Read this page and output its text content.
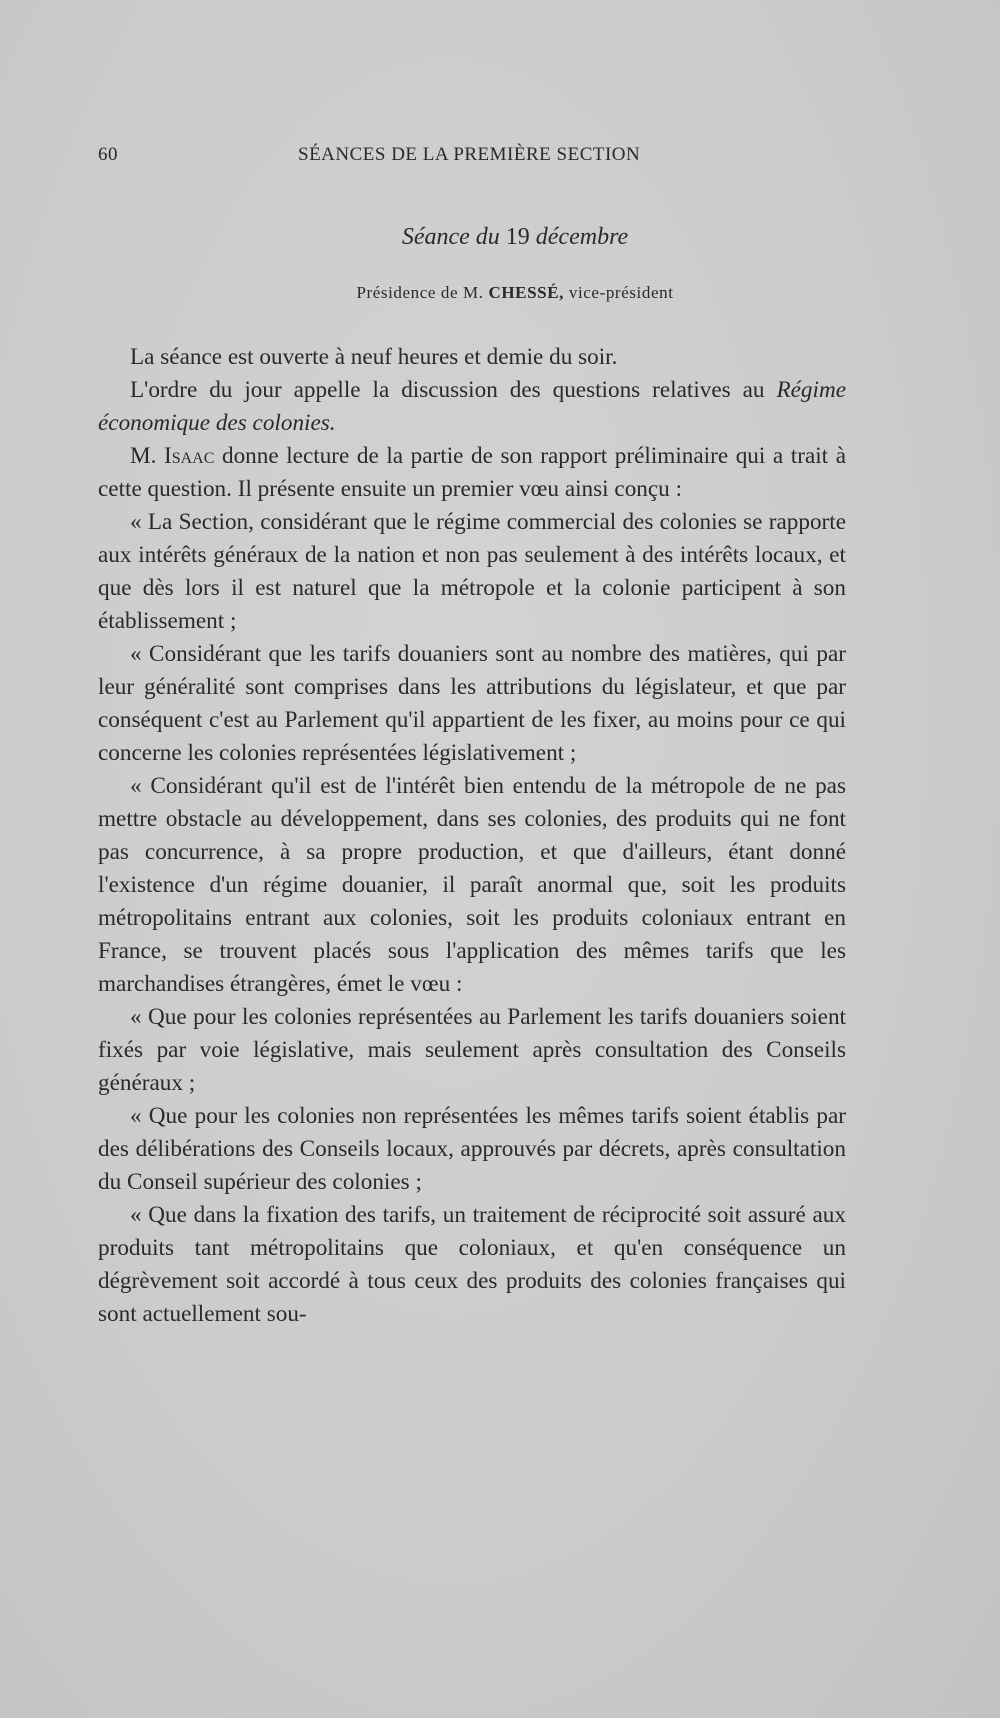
60	SÉANCES DE LA PREMIÈRE SECTION
Séance du 19 décembre
Présidence de M. CHESSÉ, vice-président

La séance est ouverte à neuf heures et demie du soir.

L'ordre du jour appelle la discussion des questions relatives au Régime économique des colonies.

M. Isaac donne lecture de la partie de son rapport préliminaire qui a trait à cette question. Il présente ensuite un premier vœu ainsi conçu :

« La Section, considérant que le régime commercial des colonies se rapporte aux intérêts généraux de la nation et non pas seulement à des intérêts locaux, et que dès lors il est naturel que la métropole et la colonie participent à son établissement ;

« Considérant que les tarifs douaniers sont au nombre des matières, qui par leur généralité sont comprises dans les attributions du législateur, et que par conséquent c'est au Parlement qu'il appartient de les fixer, au moins pour ce qui concerne les colonies représentées législativement ;

« Considérant qu'il est de l'intérêt bien entendu de la métropole de ne pas mettre obstacle au développement, dans ses colonies, des produits qui ne font pas concurrence, à sa propre production, et que d'ailleurs, étant donné l'existence d'un régime douanier, il paraît anormal que, soit les produits métropolitains entrant aux colonies, soit les produits coloniaux entrant en France, se trouvent placés sous l'application des mêmes tarifs que les marchandises étrangères, émet le vœu :

« Que pour les colonies représentées au Parlement les tarifs douaniers soient fixés par voie législative, mais seulement après consultation des Conseils généraux ;

« Que pour les colonies non représentées les mêmes tarifs soient établis par des délibérations des Conseils locaux, approuvés par décrets, après consultation du Conseil supérieur des colonies ;

« Que dans la fixation des tarifs, un traitement de réciprocité soit assuré aux produits tant métropolitains que coloniaux, et qu'en conséquence un dégrèvement soit accordé à tous ceux des produits des colonies françaises qui sont actuellement sou-
